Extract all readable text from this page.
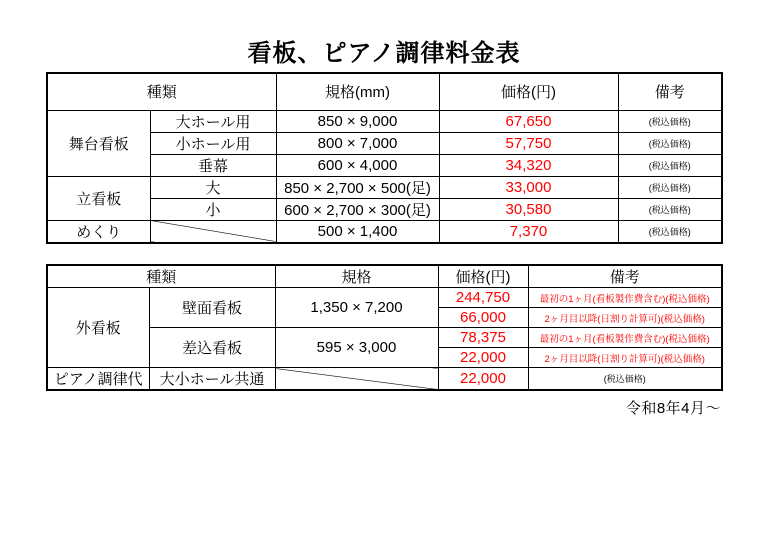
看板、ピアノ調律料金表
種類		規格(mm)	価格(円)	備考
舞台看板	大ホール用	850 × 9,000	67,650	(税込価格)
	小ホール用	800 × 7,000	57,750	(税込価格)
	垂幕	600 × 4,000	34,320	(税込価格)
立看板	大	850 × 2,700 × 500(足)	33,000	(税込価格)
	小	600 × 2,700 × 300(足)	30,580	(税込価格)
めくり		500 × 1,400	7,370	(税込価格)
種類		規格	価格(円)	備考
外看板	壁面看板	1,350 × 7,200	244,750	最初の1ヶ月(看板製作費含む)(税込価格)
			66,000	2ヶ月目以降(日割り計算可)(税込価格)
	差込看板	595 × 3,000	78,375	最初の1ヶ月(看板製作費含む)(税込価格)
			22,000	2ヶ月目以降(日割り計算可)(税込価格)
ピアノ調律代	大小ホール共通		22,000	(税込価格)
令和8年4月～
